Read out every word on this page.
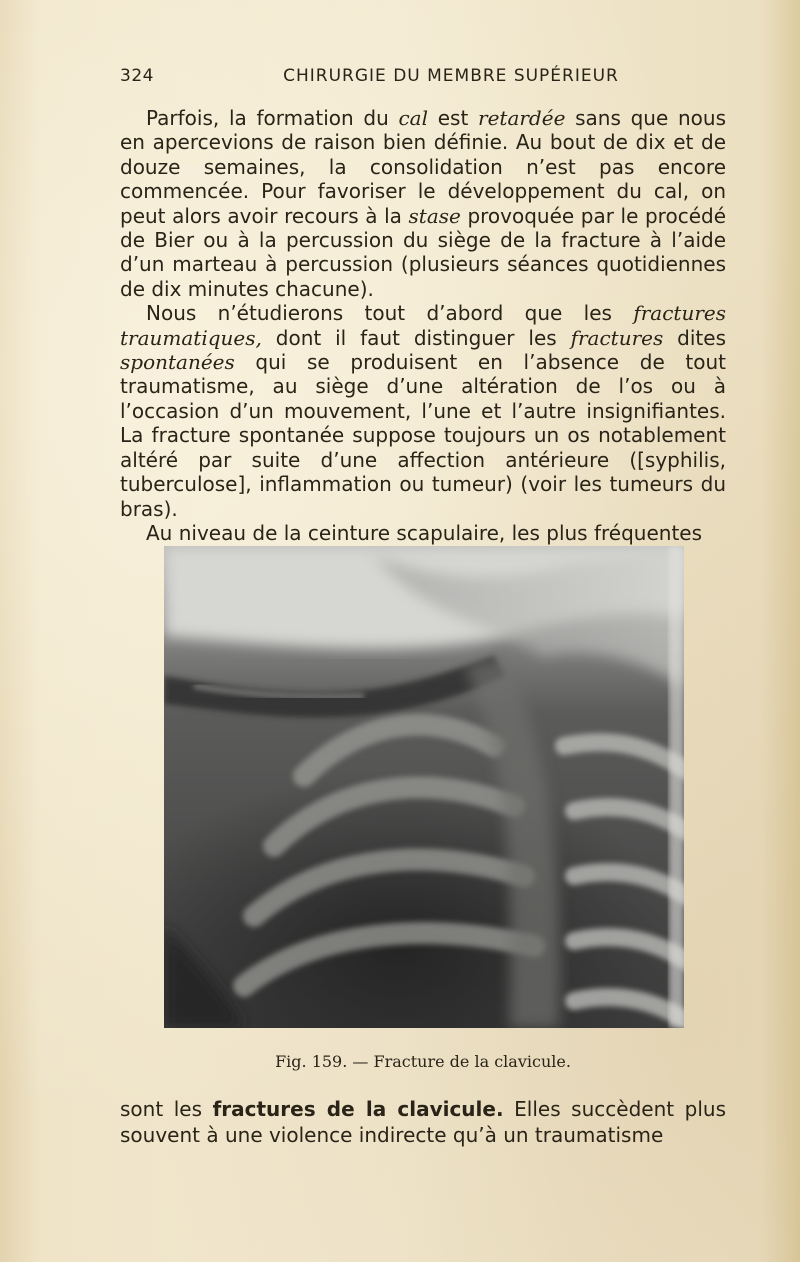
324	CHIRURGIE DU MEMBRE SUPÉRIEUR

Parfois, la formation du cal est retardée sans que nous en apercevions de raison bien définie. Au bout de dix et de douze semaines, la consolidation n’est pas encore commencée. Pour favoriser le développement du cal, on peut alors avoir recours à la stase provoquée par le procédé de Bier ou à la percussion du siège de la fracture à l’aide d’un marteau à percussion (plusieurs séances quotidiennes de dix minutes chacune).

Nous n’étudierons tout d’abord que les fractures traumatiques, dont il faut distinguer les fractures dites spontanées qui se produisent en l’absence de tout traumatisme, au siège d’une altération de l’os ou à l’occasion d’un mouvement, l’une et l’autre insignifiantes. La fracture spontanée suppose toujours un os notablement altéré par suite d’une affection antérieure ([syphilis, tuberculose], inflammation ou tumeur) (voir les tumeurs du bras).

Au niveau de la ceinture scapulaire, les plus fréquentes

Fig. 159. — Fracture de la clavicule.

sont les fractures de la clavicule. Elles succèdent plus souvent à une violence indirecte qu’à un traumatisme
